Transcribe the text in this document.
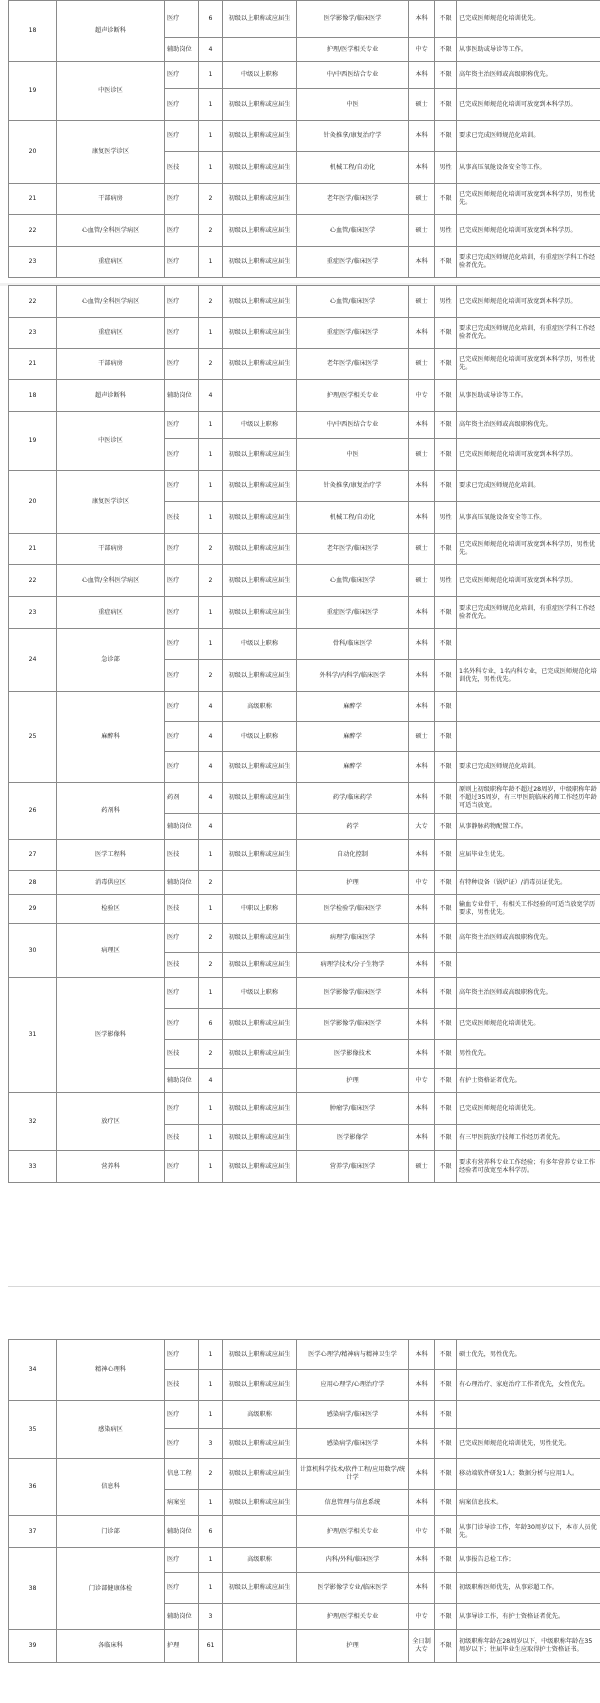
18	超声诊断科	医疗	6	初级以上职称或应届生	医学影像学/临床医学	本科	不限	已完成医师规范化培训优先。
		辅助岗位	4		护理/医学相关专业	中专	不限	从事医助或导诊等工作。
19	中医诊区	医疗	1	中级以上职称	中/中西医结合专业	本科	不限	高年资主治医师或高级职称优先。
		医疗	1	初级以上职称或应届生	中医	硕士	不限	已完成医师规范化培训可放宽到本科学历。
20	康复医学诊区	医疗	1	初级以上职称或应届生	针灸推拿/康复治疗学	本科	不限	要求已完成医师规范化培训。
		医技	1	初级以上职称或应届生	机械工程/自动化	本科	男性	从事高压氧舱设备安全等工作。
21	干部病房	医疗	2	初级以上职称或应届生	老年医学/临床医学	硕士	不限	已完成医师规范化培训可放宽到本科学历，男性优先。
22	心血管/全科医学病区	医疗	2	初级以上职称或应届生	心血管/临床医学	硕士	男性	已完成医师规范化培训可放宽到本科学历。
23	重症病区	医疗	1	初级以上职称或应届生	重症医学/临床医学	本科	不限	要求已完成医师规范化培训，有重症医学科工作经验者优先。
22	心血管/全科医学病区	医疗	2	初级以上职称或应届生	心血管/临床医学	硕士	男性	已完成医师规范化培训可放宽到本科学历。
23	重症病区	医疗	1	初级以上职称或应届生	重症医学/临床医学	本科	不限	要求已完成医师规范化培训，有重症医学科工作经验者优先。
21	干部病房	医疗	2	初级以上职称或应届生	老年医学/临床医学	硕士	不限	已完成医师规范化培训可放宽到本科学历，男性优先。
18	超声诊断科	辅助岗位	4		护理/医学相关专业	中专	不限	从事医助或导诊等工作。
19	中医诊区	医疗	1	中级以上职称	中/中西医结合专业	本科	不限	高年资主治医师或高级职称优先。
		医疗	1	初级以上职称或应届生	中医	硕士	不限	已完成医师规范化培训可放宽到本科学历。
20	康复医学诊区	医疗	1	初级以上职称或应届生	针灸推拿/康复治疗学	本科	不限	要求已完成医师规范化培训。
		医技	1	初级以上职称或应届生	机械工程/自动化	本科	男性	从事高压氧舱设备安全等工作。
21	干部病房	医疗	2	初级以上职称或应届生	老年医学/临床医学	硕士	不限	已完成医师规范化培训可放宽到本科学历，男性优先。
22	心血管/全科医学病区	医疗	2	初级以上职称或应届生	心血管/临床医学	硕士	男性	已完成医师规范化培训可放宽到本科学历。
23	重症病区	医疗	1	初级以上职称或应届生	重症医学/临床医学	本科	不限	要求已完成医师规范化培训，有重症医学科工作经验者优先。
24	急诊部	医疗	1	中级以上职称	骨科/临床医学	本科	不限	
		医疗	2	初级以上职称或应届生	外科学/内科学/临床医学	本科	不限	1名外科专业，1名内科专业，已完成医师规范化培训优先，男性优先。
25	麻醉科	医疗	4	高级职称	麻醉学	本科	不限	
		医疗	4	中级以上职称	麻醉学	硕士	不限	
		医疗	4	初级以上职称或应届生	麻醉学	本科	不限	要求已完成医师规范化培训。
26	药剂科	药剂	4	初级以上职称或应届生	药学/临床药学	本科	不限	原则上初级职称年龄不超过28周岁，中级职称年龄不超过35周岁，有三甲医院临床药师工作经历年龄可适当放宽。
		辅助岗位	4		药学	大专	不限	从事静脉药物配置工作。
27	医学工程科	医技	1	初级以上职称或应届生	自动化控制	本科	不限	应届毕业生优先。
28	消毒供应区	辅助岗位	2		护理	中专	不限	有特种设备（锅炉证）/消毒员证优先。
29	检验区	医技	1	中职以上职称	医学检验学/临床医学	本科	不限	输血专业骨干，有相关工作经验的可适当放宽学历要求，男性优先。
30	病理区	医疗	2	初级以上职称或应届生	病理学/临床医学	本科	不限	高年资主治医师或高级职称优先。
		医技	2	初级以上职称或应届生	病理学技术/分子生物学	本科	不限	
31	医学影像科	医疗	1	中级以上职称	医学影像学/临床医学	本科	不限	高年资主治医师或高级职称优先。
		医疗	6	初级以上职称或应届生	医学影像学/临床医学	本科	不限	已完成医师规范化培训优先。
		医技	2	初级以上职称或应届生	医学影像技术	本科	不限	男性优先。
		辅助岗位	4		护理	中专	不限	有护士资格证者优先。
32	放疗区	医疗	1	初级以上职称或应届生	肿瘤学/临床医学	本科	不限	已完成医师规范化培训优先。
		医技	1	初级以上职称或应届生	医学影像学	本科	不限	有三甲医院放疗技师工作经历者优先。
33	营养科	医疗	1	初级以上职称或应届生	营养学/临床医学	硕士	不限	要求有营养科专业工作经验；有多年营养专业工作经验者可放宽至本科学历。
34	精神心理科	医疗	1	初级以上职称或应届生	医学心理学/精神病与精神卫生学	本科	不限	硕士优先，男性优先。
		医技	1	初级以上职称或应届生	应用心理学/心理治疗学	本科	不限	有心理治疗、家庭治疗工作者优先，女性优先。
35	感染病区	医疗	1	高级职称	感染病学/临床医学	本科	不限	
		医疗	3	初级以上职称或应届生	感染病学/临床医学	本科	不限	已完成医师规范化培训优先，男性优先。
36	信息科	信息工程	2	初级以上职称或应届生	计算机科学技术/软件工程/应用数学/统计学	本科	不限	移动端软件研发1人；数据分析与应用1人。
		病案室	1	初级以上职称或应届生	信息管理与信息系统	本科	不限	病案信息技术。
37	门诊部	辅助岗位	6		护理/医学相关专业	中专	不限	从事门诊导诊工作，年龄30周岁以下，本市人员优先。
38	门诊部健康体检	医疗	1	高级职称	内科/外科/临床医学	本科	不限	从事报告总检工作；
		医疗	1	初级以上职称或应届生	医学影像学专业/临床医学	本科	不限	初级职称医师优先，从事彩超工作。
		辅助岗位	3		护理/医学相关专业	中专	不限	从事导诊工作，有护士资格证者优先。
39	各临床科	护理	61		护理	全日制大专	不限	初级职称年龄在28周岁以下，中级职称年龄在35周岁以下；往届毕业生应取得护士资格证书。
